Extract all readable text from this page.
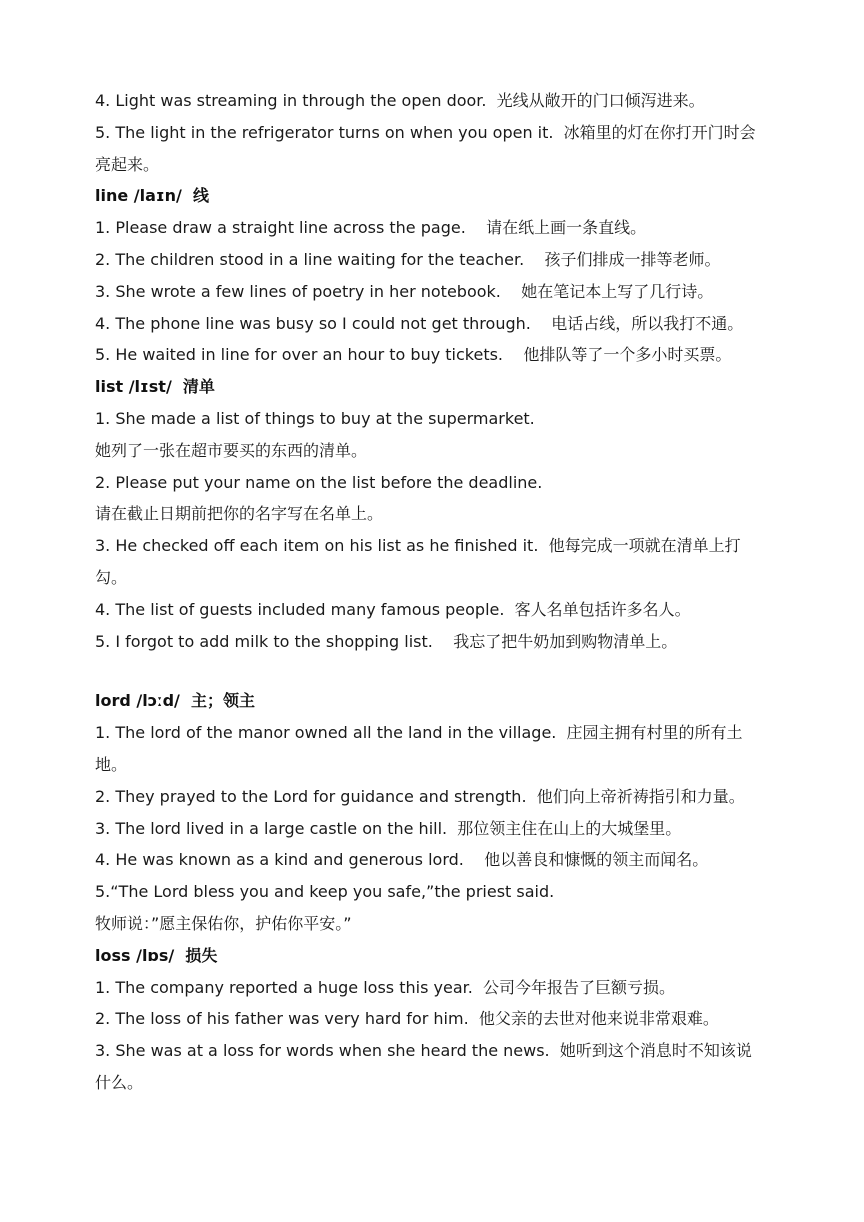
4. Light was streaming in through the open door.  光线从敞开的门口倾泻进来。
5. The light in the refrigerator turns on when you open it.  冰箱里的灯在你打开门时会亮起来。
line /laɪn/  线
1. Please draw a straight line across the page.    请在纸上画一条直线。
2. The children stood in a line waiting for the teacher.    孩子们排成一排等老师。
3. She wrote a few lines of poetry in her notebook.    她在笔记本上写了几行诗。
4. The phone line was busy so I could not get through.    电话占线，所以我打不通。
5. He waited in line for over an hour to buy tickets.    他排队等了一个多小时买票。
list /lɪst/  清单
1. She made a list of things to buy at the supermarket.
她列了一张在超市要买的东西的清单。
2. Please put your name on the list before the deadline.
请在截止日期前把你的名字写在名单上。
3. He checked off each item on his list as he finished it.  他每完成一项就在清单上打勾。
4. The list of guests included many famous people.  客人名单包括许多名人。
5. I forgot to add milk to the shopping list.    我忘了把牛奶加到购物清单上。
lord /lɔːd/  主；领主
1. The lord of the manor owned all the land in the village.  庄园主拥有村里的所有土地。
2. They prayed to the Lord for guidance and strength.  他们向上帝祈祷指引和力量。
3. The lord lived in a large castle on the hill.  那位领主住在山上的大城堡里。
4. He was known as a kind and generous lord.    他以善良和慷慨的领主而闻名。
5.“The Lord bless you and keep you safe,”the priest said.
牧师说：”愿主保佑你，护佑你平安。”
loss /lɒs/  损失
1. The company reported a huge loss this year.  公司今年报告了巨额亏损。
2. The loss of his father was very hard for him.  他父亲的去世对他来说非常艰难。
3. She was at a loss for words when she heard the news.  她听到这个消息时不知该说什么。
